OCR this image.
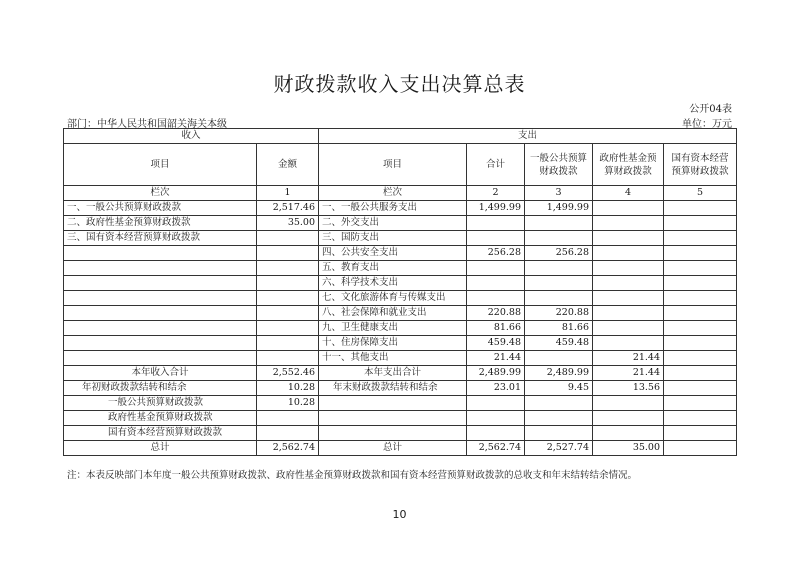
财政拨款收入支出决算总表
公开04表
部门：中华人民共和国韶关海关本级	单位：万元
收入		支出				
项目	金额	项目	合计	一般公共预算财政拨款	政府性基金预算财政拨款	国有资本经营预算财政拨款
栏次	1	栏次	2	3	4	5
一、一般公共预算财政拨款	2,517.46	一、一般公共服务支出	1,499.99	1,499.99		
二、政府性基金预算财政拨款	35.00	二、外交支出				
三、国有资本经营预算财政拨款		三、国防支出				
		四、公共安全支出	256.28	256.28		
		五、教育支出				
		六、科学技术支出				
		七、文化旅游体育与传媒支出				
		八、社会保障和就业支出	220.88	220.88		
		九、卫生健康支出	81.66	81.66		
		十、住房保障支出	459.48	459.48		
		十一、其他支出	21.44		21.44	
本年收入合计	2,552.46	本年支出合计	2,489.99	2,489.99	21.44	
年初财政拨款结转和结余	10.28	年末财政拨款结转和结余	23.01	9.45	13.56	
一般公共预算财政拨款	10.28					
政府性基金预算财政拨款						
国有资本经营预算财政拨款						
总计	2,562.74	总计	2,562.74	2,527.74	35.00	
注：本表反映部门本年度一般公共预算财政拨款、政府性基金预算财政拨款和国有资本经营预算财政拨款的总收支和年末结转结余情况。
10
